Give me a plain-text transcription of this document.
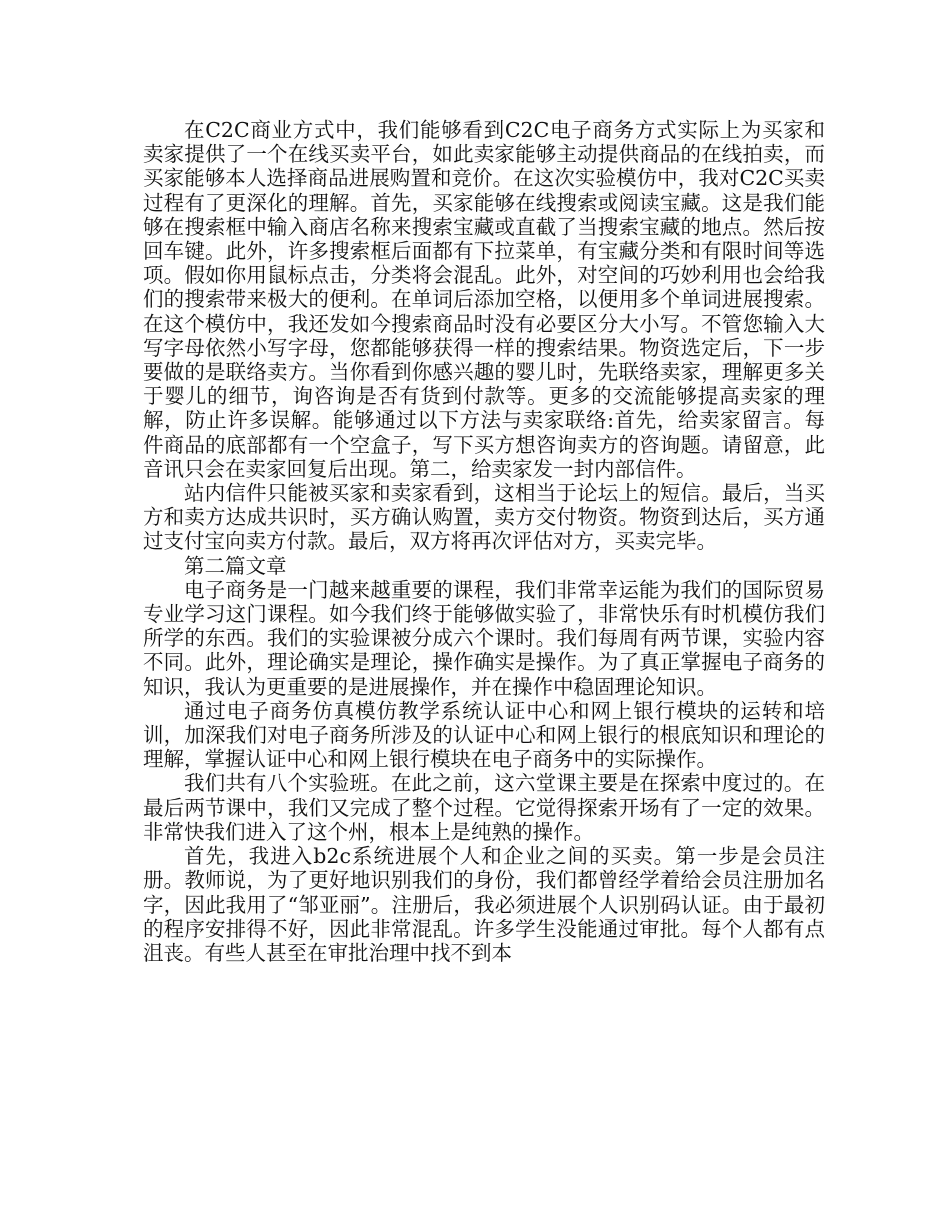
在C2C商业方式中，我们能够看到C2C电子商务方式实际上为买家和卖家提供了一个在线买卖平台，如此卖家能够主动提供商品的在线拍卖，而买家能够本人选择商品进展购置和竞价。在这次实验模仿中，我对C2C买卖过程有了更深化的理解。首先，买家能够在线搜索或阅读宝藏。这是我们能够在搜索框中输入商店名称来搜索宝藏或直截了当搜索宝藏的地点。然后按回车键。此外，许多搜索框后面都有下拉菜单，有宝藏分类和有限时间等选项。假如你用鼠标点击，分类将会混乱。此外，对空间的巧妙利用也会给我们的搜索带来极大的便利。在单词后添加空格，以便用多个单词进展搜索。在这个模仿中，我还发如今搜索商品时没有必要区分大小写。不管您输入大写字母依然小写字母，您都能够获得一样的搜索结果。物资选定后，下一步要做的是联络卖方。当你看到你感兴趣的婴儿时，先联络卖家，理解更多关于婴儿的细节，询咨询是否有货到付款等。更多的交流能够提高卖家的理解，防止许多误解。能够通过以下方法与卖家联络:首先，给卖家留言。每件商品的底部都有一个空盒子，写下买方想咨询卖方的咨询题。请留意，此音讯只会在卖家回复后出现。第二，给卖家发一封内部信件。

站内信件只能被买家和卖家看到，这相当于论坛上的短信。最后，当买方和卖方达成共识时，买方确认购置，卖方交付物资。物资到达后，买方通过支付宝向卖方付款。最后，双方将再次评估对方，买卖完毕。

第二篇文章

电子商务是一门越来越重要的课程，我们非常幸运能为我们的国际贸易专业学习这门课程。如今我们终于能够做实验了，非常快乐有时机模仿我们所学的东西。我们的实验课被分成六个课时。我们每周有两节课，实验内容不同。此外，理论确实是理论，操作确实是操作。为了真正掌握电子商务的知识，我认为更重要的是进展操作，并在操作中稳固理论知识。

通过电子商务仿真模仿教学系统认证中心和网上银行模块的运转和培训，加深我们对电子商务所涉及的认证中心和网上银行的根底知识和理论的理解，掌握认证中心和网上银行模块在电子商务中的实际操作。

我们共有八个实验班。在此之前，这六堂课主要是在探索中度过的。在最后两节课中，我们又完成了整个过程。它觉得探索开场有了一定的效果。非常快我们进入了这个州，根本上是纯熟的操作。

首先，我进入b2c系统进展个人和企业之间的买卖。第一步是会员注册。教师说，为了更好地识别我们的身份，我们都曾经学着给会员注册加名字，因此我用了“邹亚丽”。注册后，我必须进展个人识别码认证。由于最初的程序安排得不好，因此非常混乱。许多学生没能通过审批。每个人都有点沮丧。有些人甚至在审批治理中找不到本
